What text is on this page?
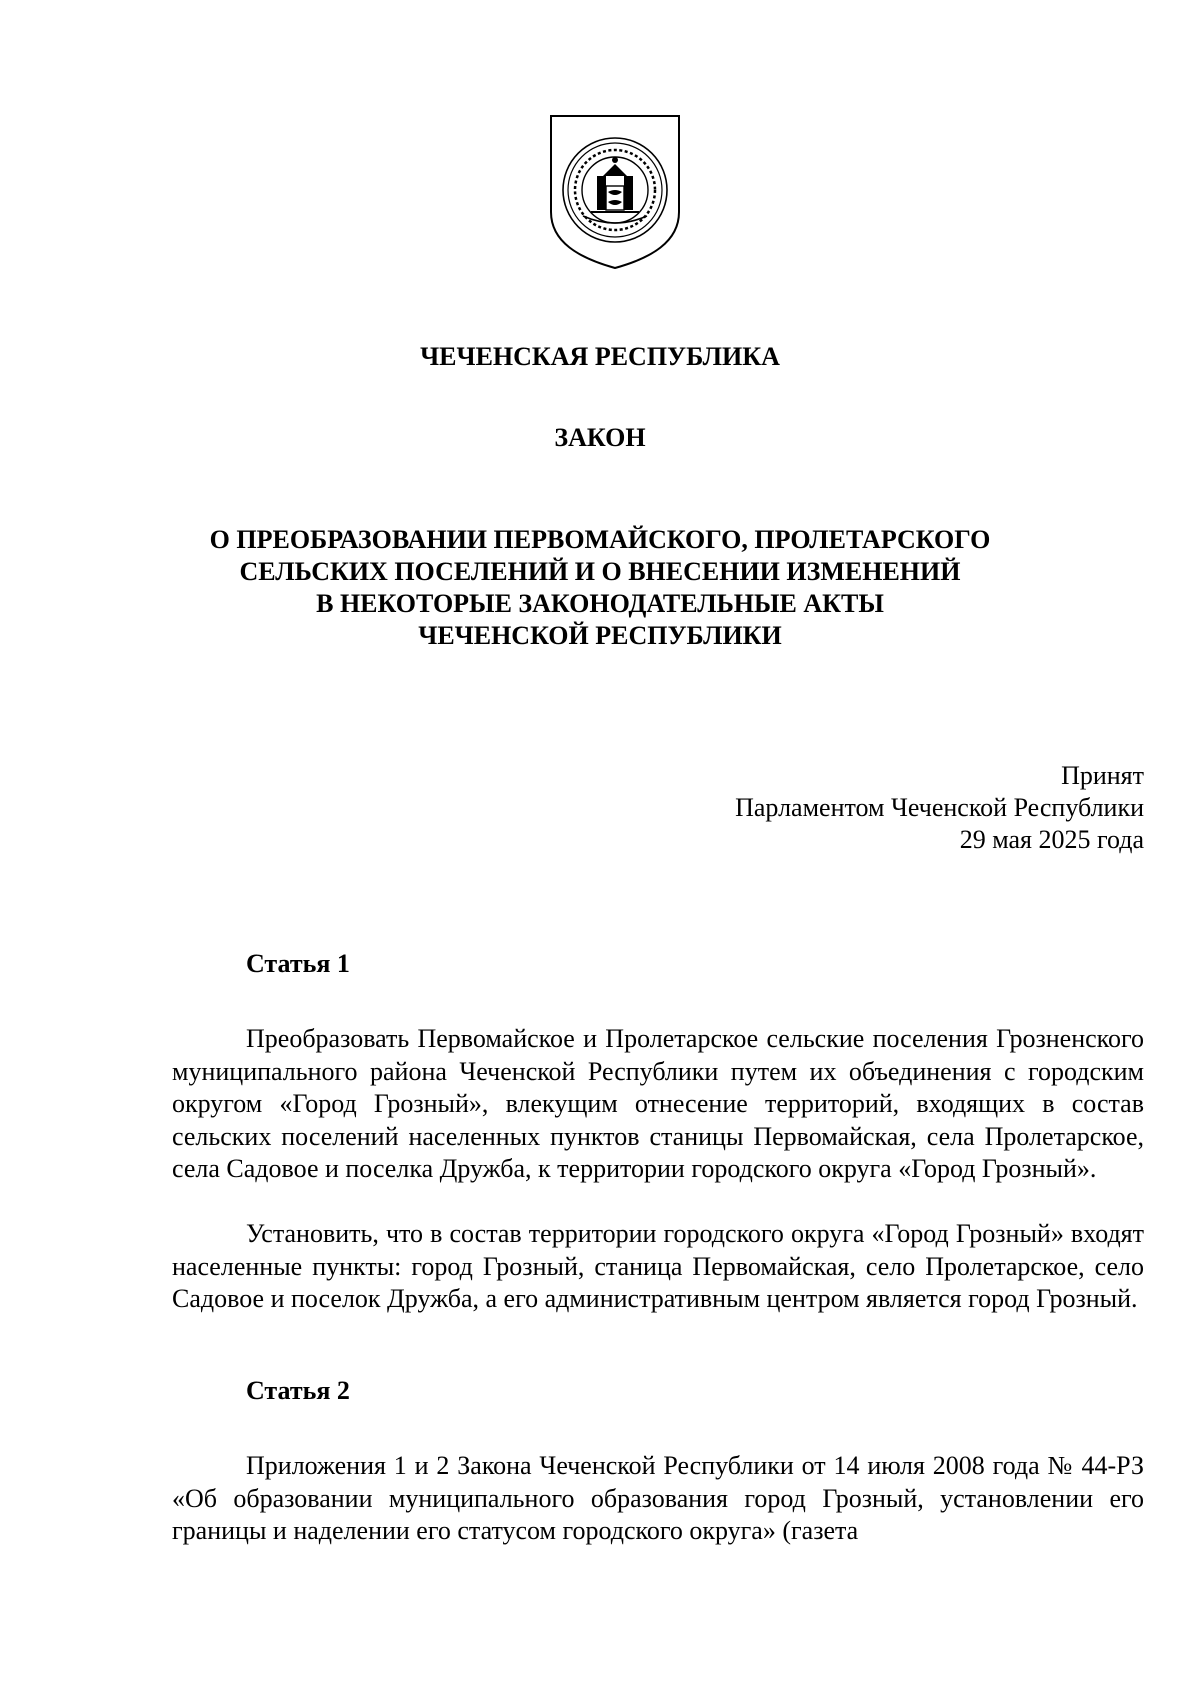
ЧЕЧЕНСКАЯ РЕСПУБЛИКА
ЗАКОН
О ПРЕОБРАЗОВАНИИ ПЕРВОМАЙСКОГО, ПРОЛЕТАРСКОГО
СЕЛЬСКИХ ПОСЕЛЕНИЙ И О ВНЕСЕНИИ ИЗМЕНЕНИЙ
В НЕКОТОРЫЕ ЗАКОНОДАТЕЛЬНЫЕ АКТЫ
ЧЕЧЕНСКОЙ РЕСПУБЛИКИ
Принят
Парламентом Чеченской Республики
29 мая 2025 года
Статья 1

Преобразовать Первомайское и Пролетарское сельские поселения Грозненского муниципального района Чеченской Республики путем их объединения с городским округом «Город Грозный», влекущим отнесение территорий, входящих в состав сельских поселений населенных пунктов станицы Первомайская, села Пролетарское, села Садовое и поселка Дружба, к территории городского округа «Город Грозный».

Установить, что в состав территории городского округа «Город Грозный» входят населенные пункты: город Грозный, станица Первомайская, село Пролетарское, село Садовое и поселок Дружба, а его административным центром является город Грозный.

Статья 2

Приложения 1 и 2 Закона Чеченской Республики от 14 июля 2008 года № 44-РЗ «Об образовании муниципального образования город Грозный, установлении его границы и наделении его статусом городского округа» (газета
